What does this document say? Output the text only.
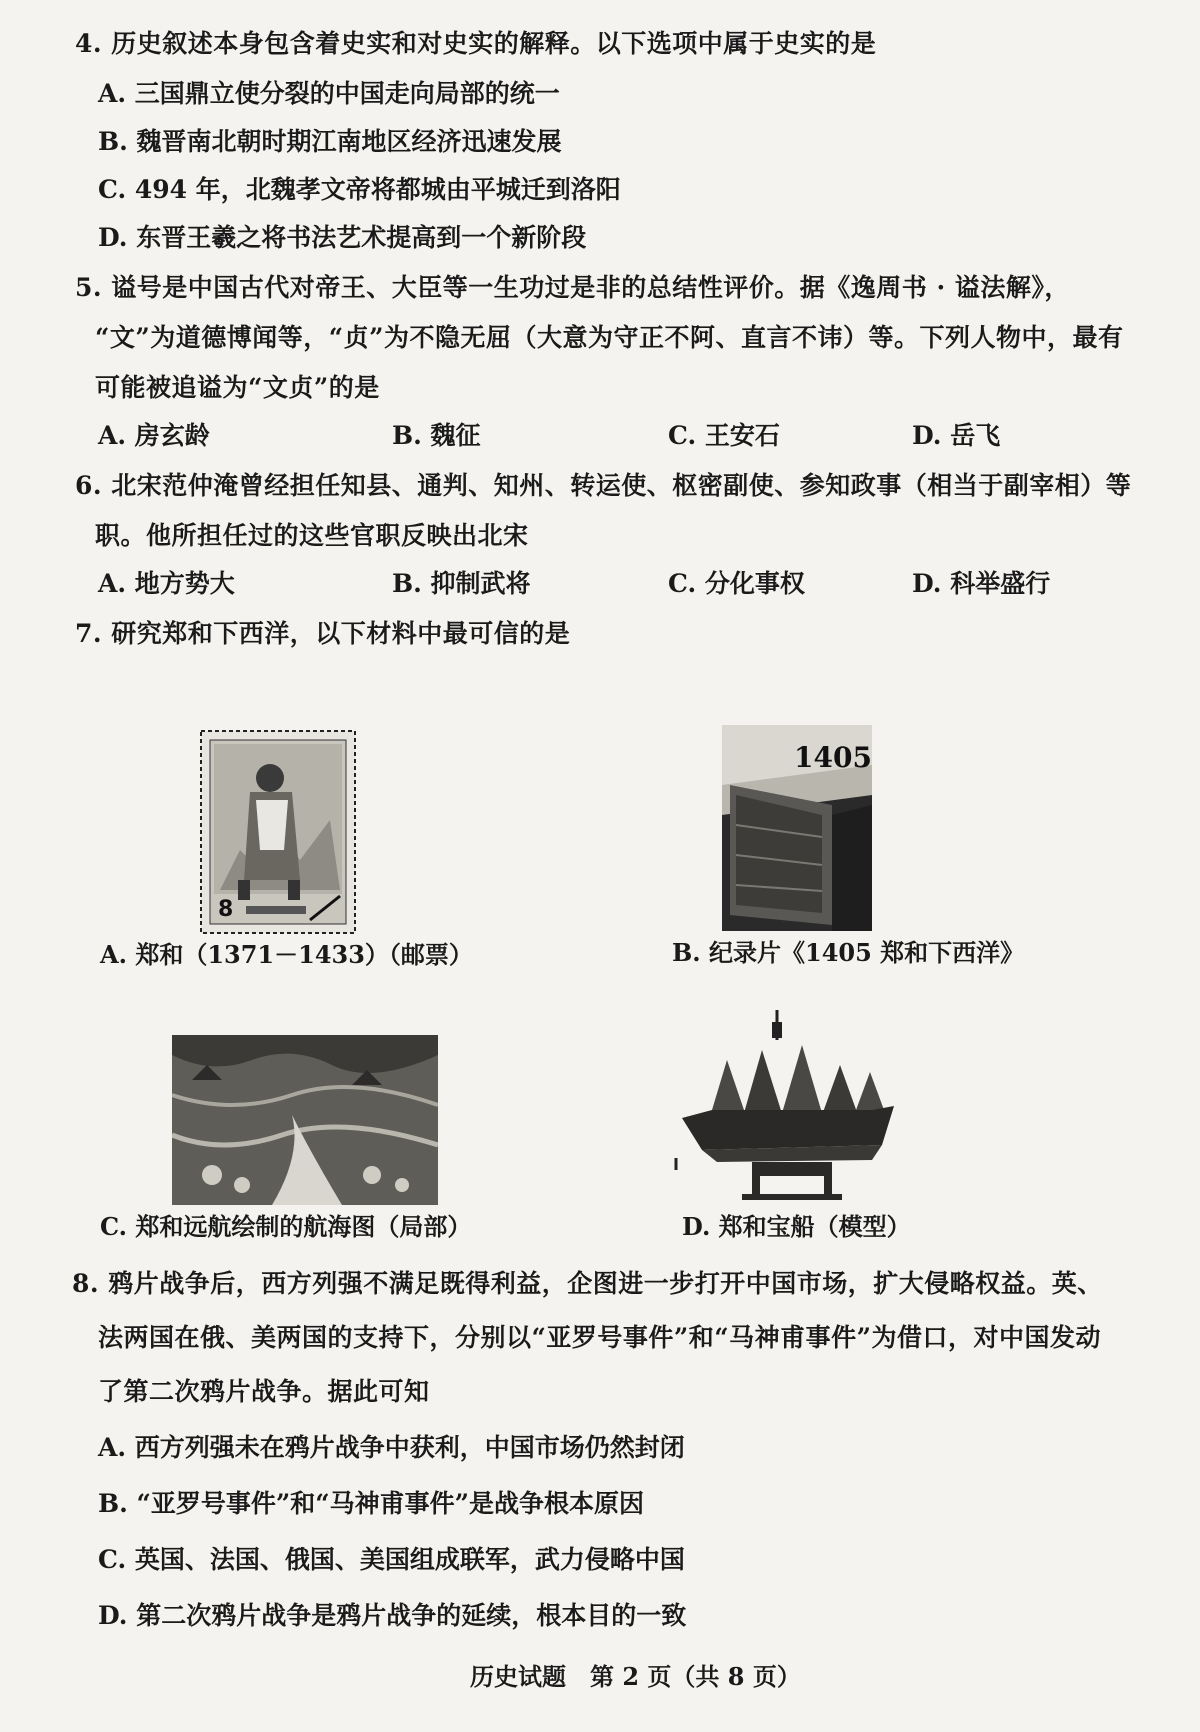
4. 历史叙述本身包含着史实和对史实的解释。以下选项中属于史实的是
A. 三国鼎立使分裂的中国走向局部的统一
B. 魏晋南北朝时期江南地区经济迅速发展
C. 494 年，北魏孝文帝将都城由平城迁到洛阳
D. 东晋王羲之将书法艺术提高到一个新阶段
5. 谥号是中国古代对帝王、大臣等一生功过是非的总结性评价。据《逸周书 · 谥法解》，
“文”为道德博闻等，“贞”为不隐无屈（大意为守正不阿、直言不讳）等。下列人物中，最有
可能被追谥为“文贞”的是
A. 房玄龄	B. 魏征	C. 王安石	D. 岳飞
6. 北宋范仲淹曾经担任知县、通判、知州、转运使、枢密副使、参知政事（相当于副宰相）等
职。他所担任过的这些官职反映出北宋
A. 地方势大	B. 抑制武将	C. 分化事权	D. 科举盛行
7. 研究郑和下西洋，以下材料中最可信的是
8
1405
A. 郑和（1371－1433）（邮票）	B. 纪录片《1405 郑和下西洋》
C. 郑和远航绘制的航海图（局部）	D. 郑和宝船（模型）
8. 鸦片战争后，西方列强不满足既得利益，企图进一步打开中国市场，扩大侵略权益。英、
法两国在俄、美两国的支持下，分别以“亚罗号事件”和“马神甫事件”为借口，对中国发动
了第二次鸦片战争。据此可知
A. 西方列强未在鸦片战争中获利，中国市场仍然封闭
B. “亚罗号事件”和“马神甫事件”是战争根本原因
C. 英国、法国、俄国、美国组成联军，武力侵略中国
D. 第二次鸦片战争是鸦片战争的延续，根本目的一致
历史试题　第 2 页（共 8 页）
